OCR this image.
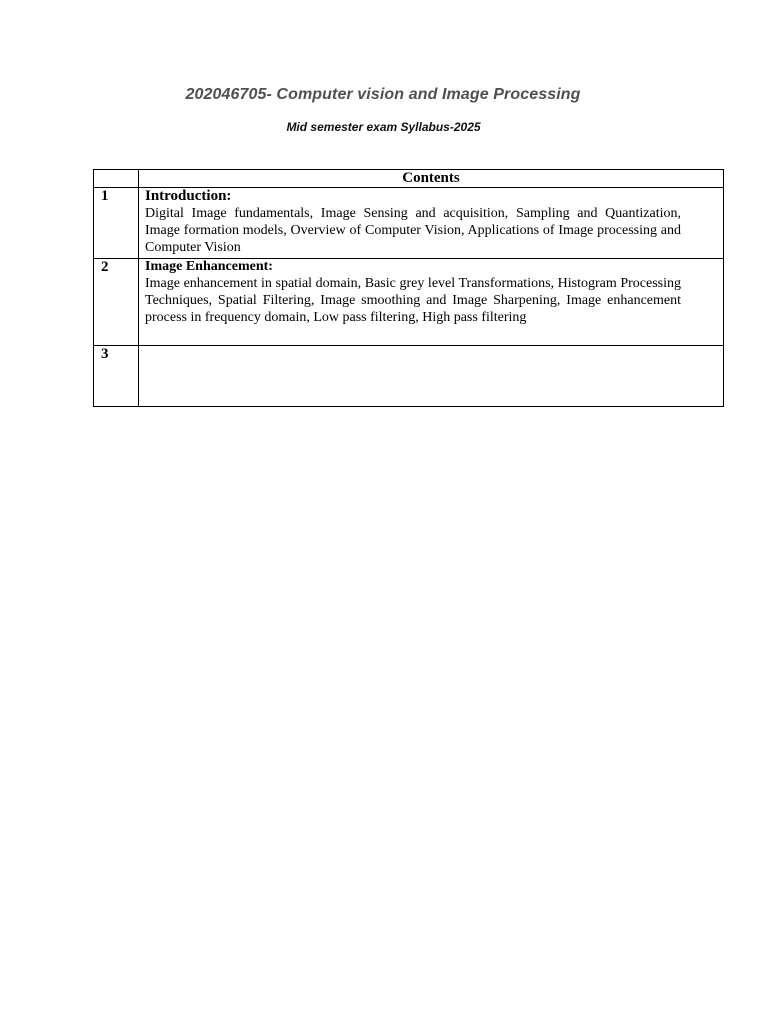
202046705- Computer vision and Image Processing
Mid semester exam Syllabus-2025
	Contents
1	Introduction:
Digital Image fundamentals, Image Sensing and acquisition, Sampling and Quantization, Image formation models, Overview of Computer Vision, Applications of Image processing and Computer Vision

2	Image Enhancement:
Image enhancement in spatial domain, Basic grey level Transformations, Histogram Processing Techniques, Spatial Filtering, Image smoothing and Image Sharpening, Image enhancement process in frequency domain, Low pass filtering, High pass filtering

3	
